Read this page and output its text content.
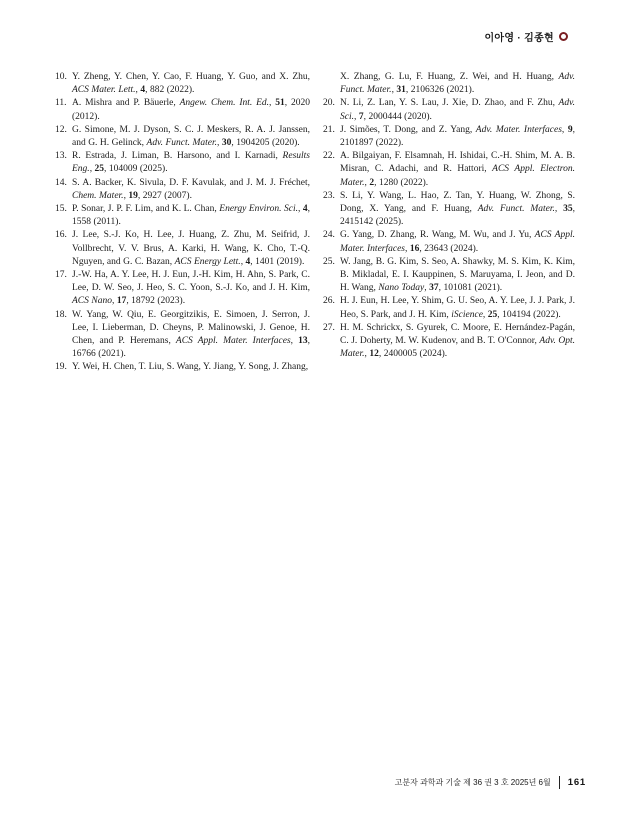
이아영 · 김종현

10. Y. Zheng, Y. Chen, Y. Cao, F. Huang, Y. Guo, and X. Zhu, ACS Mater. Lett., 4, 882 (2022).

11. A. Mishra and P. Bäuerle, Angew. Chem. Int. Ed., 51, 2020 (2012).

12. G. Simone, M. J. Dyson, S. C. J. Meskers, R. A. J. Janssen, and G. H. Gelinck, Adv. Funct. Mater., 30, 1904205 (2020).

13. R. Estrada, J. Liman, B. Harsono, and I. Karnadi, Results Eng., 25, 104009 (2025).

14. S. A. Backer, K. Sivula, D. F. Kavulak, and J. M. J. Fréchet, Chem. Mater., 19, 2927 (2007).

15. P. Sonar, J. P. F. Lim, and K. L. Chan, Energy Environ. Sci., 4, 1558 (2011).

16. J. Lee, S.-J. Ko, H. Lee, J. Huang, Z. Zhu, M. Seifrid, J. Vollbrecht, V. V. Brus, A. Karki, H. Wang, K. Cho, T.-Q. Nguyen, and G. C. Bazan, ACS Energy Lett., 4, 1401 (2019).

17. J.-W. Ha, A. Y. Lee, H. J. Eun, J.-H. Kim, H. Ahn, S. Park, C. Lee, D. W. Seo, J. Heo, S. C. Yoon, S.-J. Ko, and J. H. Kim, ACS Nano, 17, 18792 (2023).

18. W. Yang, W. Qiu, E. Georgitzikis, E. Simoen, J. Serron, J. Lee, I. Lieberman, D. Cheyns, P. Malinowski, J. Genoe, H. Chen, and P. Heremans, ACS Appl. Mater. Interfaces, 13, 16766 (2021).

19. Y. Wei, H. Chen, T. Liu, S. Wang, Y. Jiang, Y. Song, J. Zhang,

X. Zhang, G. Lu, F. Huang, Z. Wei, and H. Huang, Adv. Funct. Mater., 31, 2106326 (2021).

20. N. Li, Z. Lan, Y. S. Lau, J. Xie, D. Zhao, and F. Zhu, Adv. Sci., 7, 2000444 (2020).

21. J. Simões, T. Dong, and Z. Yang, Adv. Mater. Interfaces, 9, 2101897 (2022).

22. A. Bilgaiyan, F. Elsamnah, H. Ishidai, C.-H. Shim, M. A. B. Misran, C. Adachi, and R. Hattori, ACS Appl. Electron. Mater., 2, 1280 (2022).

23. S. Li, Y. Wang, L. Hao, Z. Tan, Y. Huang, W. Zhong, S. Dong, X. Yang, and F. Huang, Adv. Funct. Mater., 35, 2415142 (2025).

24. G. Yang, D. Zhang, R. Wang, M. Wu, and J. Yu, ACS Appl. Mater. Interfaces, 16, 23643 (2024).

25. W. Jang, B. G. Kim, S. Seo, A. Shawky, M. S. Kim, K. Kim, B. Mikladal, E. I. Kauppinen, S. Maruyama, I. Jeon, and D. H. Wang, Nano Today, 37, 101081 (2021).

26. H. J. Eun, H. Lee, Y. Shim, G. U. Seo, A. Y. Lee, J. J. Park, J. Heo, S. Park, and J. H. Kim, iScience, 25, 104194 (2022).

27. H. M. Schrickx, S. Gyurek, C. Moore, E. Hernández-Pagán, C. J. Doherty, M. W. Kudenov, and B. T. O'Connor, Adv. Opt. Mater., 12, 2400005 (2024).

고분자 과학과 기술 제 36 권 3 호 2025년 6월 161
